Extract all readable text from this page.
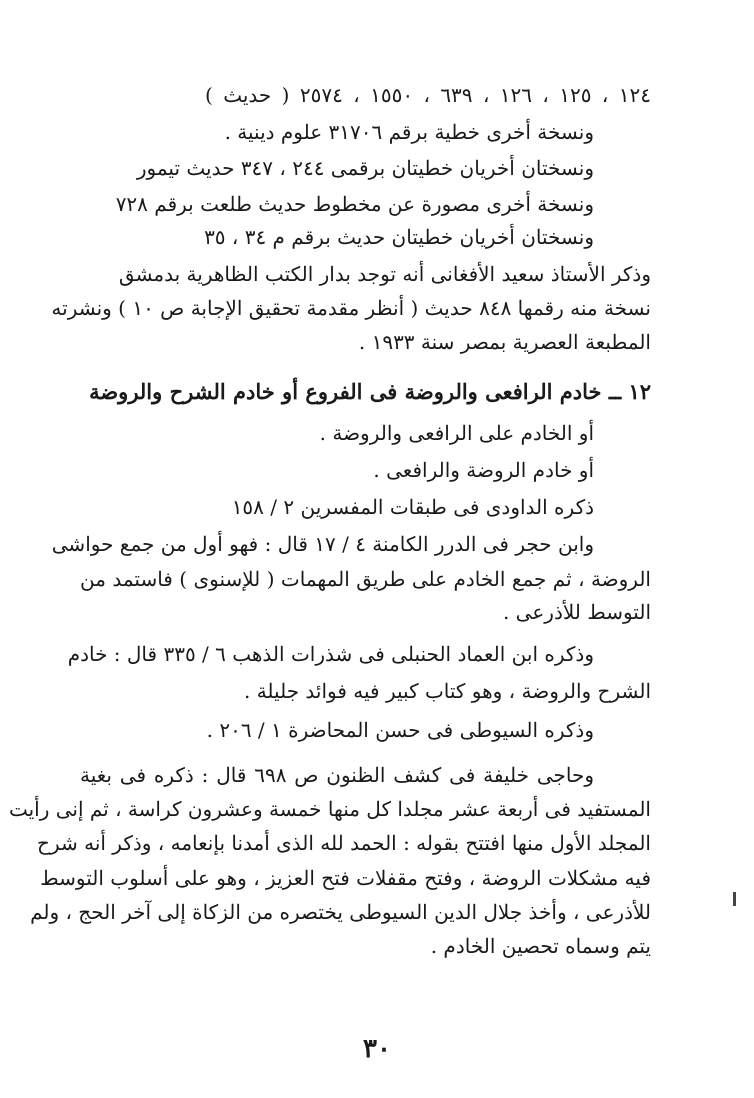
١٢٤ ، ١٢٥ ، ١٢٦ ، ٦٣٩ ، ١٥٥٠ ، ٢٥٧٤ ( حديث )
ونسخة أخرى خطية برقم ٣١٧٠٦ علوم دينية .
ونسختان أخريان خطيتان برقمى ٢٤٤ ، ٣٤٧ حديث تيمور
ونسخة أخرى مصورة عن مخطوط حديث طلعت برقم ٧٢٨
ونسختان أخريان خطيتان حديث برقم م ٣٤ ، ٣٥
وذكر الأستاذ سعيد الأفغانى أنه توجد بدار الكتب الظاهرية بدمشق
نسخة منه رقمها ٨٤٨ حديث ( أنظر مقدمة تحقيق الإجابة ص ١٠ ) ونشرته
المطبعة العصرية بمصر سنة ١٩٣٣ .
١٢ ــ خادم الرافعى والروضة فى الفروع أو خادم الشرح والروضة
أو الخادم على الرافعى والروضة .
أو خادم الروضة والرافعى .
ذكره الداودى فى طبقات المفسرين ٢ / ١٥٨
وابن حجر فى الدرر الكامنة ٤ / ١٧ قال : فهو أول من جمع حواشى
الروضة ، ثم جمع الخادم على طريق المهمات ( للإسنوى ) فاستمد من
التوسط للأذرعى .
وذكره ابن العماد الحنبلى فى شذرات الذهب ٦ / ٣٣٥ قال : خادم
الشرح والروضة ، وهو كتاب كبير فيه فوائد جليلة .
وذكره السيوطى فى حسن المحاضرة ١ / ٢٠٦ .
وحاجى خليفة فى كشف الظنون ص ٦٩٨ قال : ذكره فى بغية
المستفيد فى أربعة عشر مجلدا كل منها خمسة وعشرون كراسة ، ثم إنى رأيت
المجلد الأول منها افتتح بقوله : الحمد لله الذى أمدنا بإنعامه ، وذكر أنه شرح
فيه مشكلات الروضة ، وفتح مقفلات فتح العزيز ، وهو على أسلوب التوسط
للأذرعى ، وأخذ جلال الدين السيوطى يختصره من الزكاة إلى آخر الحج ، ولم
يتم وسماه تحصين الخادم .
٣٠
